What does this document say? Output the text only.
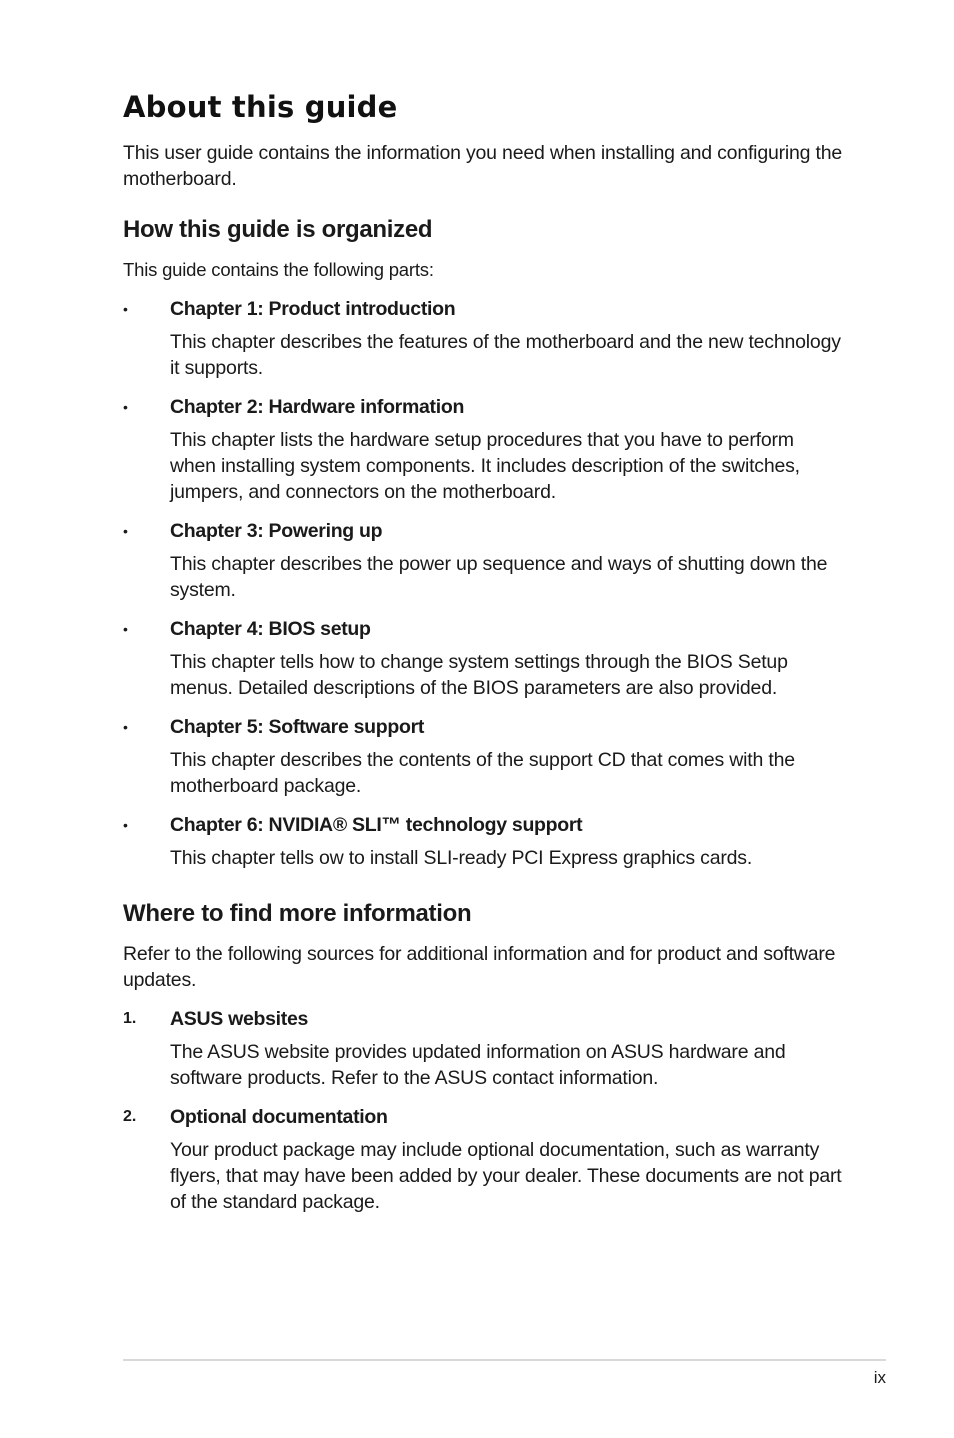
About this guide

This user guide contains the information you need when installing and configuring the motherboard.

How this guide is organized

This guide contains the following parts:

• Chapter 1: Product introduction

This chapter describes the features of the motherboard and the new technology it supports.

• Chapter 2: Hardware information

This chapter lists the hardware setup procedures that you have to perform when installing system components. It includes description of the switches, jumpers, and connectors on the motherboard.

• Chapter 3: Powering up

This chapter describes the power up sequence and ways of shutting down the system.

• Chapter 4: BIOS setup

This chapter tells how to change system settings through the BIOS Setup menus. Detailed descriptions of the BIOS parameters are also provided.

• Chapter 5: Software support

This chapter describes the contents of the support CD that comes with the motherboard package.

• Chapter 6: NVIDIA® SLI™ technology support

This chapter tells ow to install SLI-ready PCI Express graphics cards.

Where to find more information

Refer to the following sources for additional information and for product and software updates.

1. ASUS websites

The ASUS website provides updated information on ASUS hardware and software products. Refer to the ASUS contact information.

2. Optional documentation

Your product package may include optional documentation, such as warranty flyers, that may have been added by your dealer. These documents are not part of the standard package.

ix
